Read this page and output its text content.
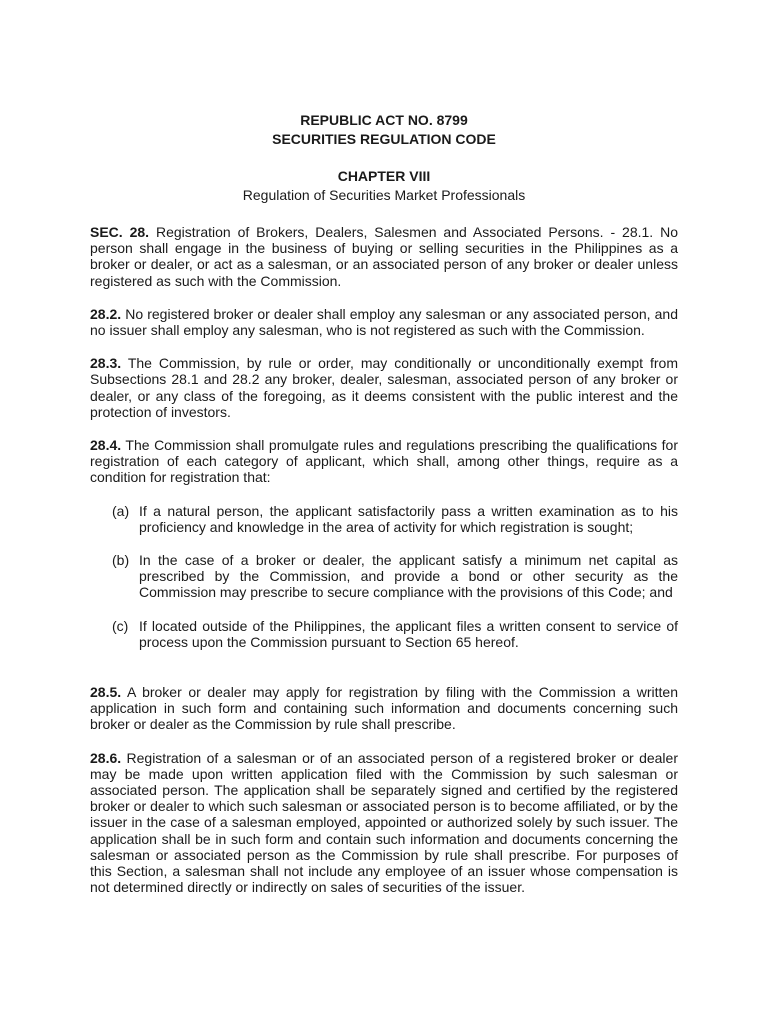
REPUBLIC ACT NO. 8799

SECURITIES REGULATION CODE

CHAPTER VIII

Regulation of Securities Market Professionals

SEC. 28. Registration of Brokers, Dealers, Salesmen and Associated Persons. - 28.1. No person shall engage in the business of buying or selling securities in the Philippines as a broker or dealer, or act as a salesman, or an associated person of any broker or dealer unless registered as such with the Commission.

28.2. No registered broker or dealer shall employ any salesman or any associated person, and no issuer shall employ any salesman, who is not registered as such with the Commission.

28.3. The Commission, by rule or order, may conditionally or unconditionally exempt from Subsections 28.1 and 28.2 any broker, dealer, salesman, associated person of any broker or dealer, or any class of the foregoing, as it deems consistent with the public interest and the protection of investors.

28.4. The Commission shall promulgate rules and regulations prescribing the qualifications for registration of each category of applicant, which shall, among other things, require as a condition for registration that:

(a) If a natural person, the applicant satisfactorily pass a written examination as to his proficiency and knowledge in the area of activity for which registration is sought;
(b) In the case of a broker or dealer, the applicant satisfy a minimum net capital as prescribed by the Commission, and provide a bond or other security as the Commission may prescribe to secure compliance with the provisions of this Code; and
(c) If located outside of the Philippines, the applicant files a written consent to service of process upon the Commission pursuant to Section 65 hereof.

28.5. A broker or dealer may apply for registration by filing with the Commission a written application in such form and containing such information and documents concerning such broker or dealer as the Commission by rule shall prescribe.

28.6. Registration of a salesman or of an associated person of a registered broker or dealer may be made upon written application filed with the Commission by such salesman or associated person. The application shall be separately signed and certified by the registered broker or dealer to which such salesman or associated person is to become affiliated, or by the issuer in the case of a salesman employed, appointed or authorized solely by such issuer. The application shall be in such form and contain such information and documents concerning the salesman or associated person as the Commission by rule shall prescribe. For purposes of this Section, a salesman shall not include any employee of an issuer whose compensation is not determined directly or indirectly on sales of securities of the issuer.
